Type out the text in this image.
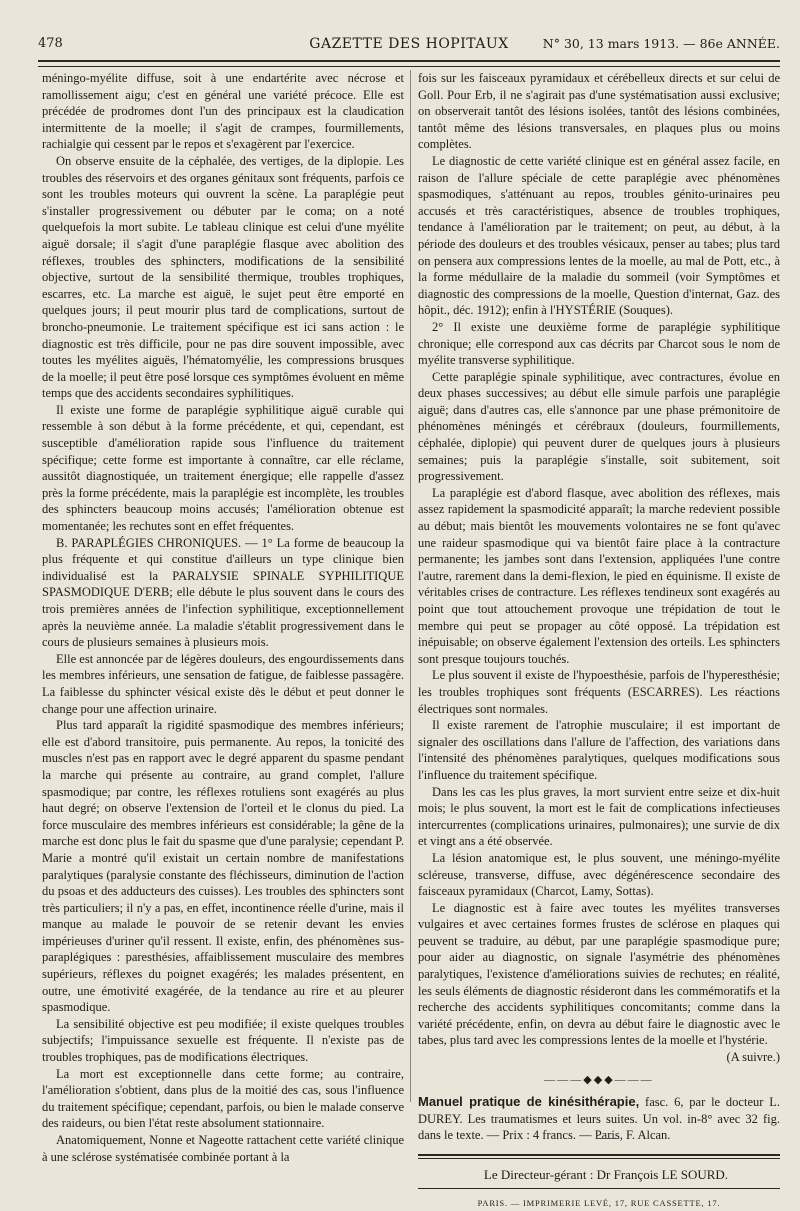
478	GAZETTE DES HOPITAUX	N° 30, 13 mars 1913. — 86e ANNÉE.

méningo-myélite diffuse, soit à une endartérite avec nécrose et ramollissement aigu; c'est en général une variété précoce. Elle est précédée de prodromes dont l'un des principaux est la claudication intermittente de la moelle; il s'agit de crampes, fourmillements, rachialgie qui cessent par le repos et s'exagèrent par l'exercice.

On observe ensuite de la céphalée, des vertiges, de la diplopie. Les troubles des réservoirs et des organes génitaux sont fréquents, parfois ce sont les troubles moteurs qui ouvrent la scène. La paraplégie peut s'installer progressivement ou débuter par le coma; on a noté quelquefois la mort subite. Le tableau clinique est celui d'une myélite aiguë dorsale; il s'agit d'une paraplégie flasque avec abolition des réflexes, troubles des sphincters, modifications de la sensibilité objective, surtout de la sensibilité thermique, troubles trophiques, escarres, etc. La marche est aiguë, le sujet peut être emporté en quelques jours; il peut mourir plus tard de complications, surtout de broncho-pneumonie. Le traitement spécifique est ici sans action : le diagnostic est très difficile, pour ne pas dire souvent impossible, avec toutes les myélites aiguës, l'hématomyélie, les compressions brusques de la moelle; il peut être posé lorsque ces symptômes évoluent en même temps que des accidents secondaires syphilitiques.

Il existe une forme de paraplégie syphilitique aiguë curable qui ressemble à son début à la forme précédente, et qui, cependant, est susceptible d'amélioration rapide sous l'influence du traitement spécifique; cette forme est importante à connaître, car elle réclame, aussitôt diagnostiquée, un traitement énergique; elle rappelle d'assez près la forme précédente, mais la paraplégie est incomplète, les troubles des sphincters beaucoup moins accusés; l'amélioration obtenue est momentanée; les rechutes sont en effet fréquentes.

B. PARAPLÉGIES CHRONIQUES. — 1° La forme de beaucoup la plus fréquente et qui constitue d'ailleurs un type clinique bien individualisé est la PARALYSIE SPINALE SYPHILITIQUE SPASMODIQUE D'ERB; elle débute le plus souvent dans le cours des trois premières années de l'infection syphilitique, exceptionnellement après la neuvième année. La maladie s'établit progressivement dans le cours de plusieurs semaines à plusieurs mois.

Elle est annoncée par de légères douleurs, des engourdissements dans les membres inférieurs, une sensation de fatigue, de faiblesse passagère. La faiblesse du sphincter vésical existe dès le début et peut donner le change pour une affection urinaire.

Plus tard apparaît la rigidité spasmodique des membres inférieurs; elle est d'abord transitoire, puis permanente. Au repos, la tonicité des muscles n'est pas en rapport avec le degré apparent du spasme pendant la marche qui présente au contraire, au grand complet, l'allure spasmodique; par contre, les réflexes rotuliens sont exagérés au plus haut degré; on observe l'extension de l'orteil et le clonus du pied. La force musculaire des membres inférieurs est considérable; la gêne de la marche est donc plus le fait du spasme que d'une paralysie; cependant P. Marie a montré qu'il existait un certain nombre de manifestations paralytiques (paralysie constante des fléchisseurs, diminution de l'action du psoas et des adducteurs des cuisses). Les troubles des sphincters sont très particuliers; il n'y a pas, en effet, incontinence réelle d'urine, mais il manque au malade le pouvoir de se retenir devant les envies impérieuses d'uriner qu'il ressent. Il existe, enfin, des phénomènes sus-paraplégiques : paresthésies, affaiblissement musculaire des membres supérieurs, réflexes du poignet exagérés; les malades présentent, en outre, une émotivité exagérée, de la tendance au rire et au pleurer spasmodique.

La sensibilité objective est peu modifiée; il existe quelques troubles subjectifs; l'impuissance sexuelle est fréquente. Il n'existe pas de troubles trophiques, pas de modifications électriques.

La mort est exceptionnelle dans cette forme; au contraire, l'amélioration s'obtient, dans plus de la moitié des cas, sous l'influence du traitement spécifique; cependant, parfois, ou bien le malade conserve des raideurs, ou bien l'état reste absolument stationnaire.

Anatomiquement, Nonne et Nageotte rattachent cette variété clinique à une sclérose systématisée combinée portant à la

fois sur les faisceaux pyramidaux et cérébelleux directs et sur celui de Goll. Pour Erb, il ne s'agirait pas d'une systématisation aussi exclusive; on observerait tantôt des lésions isolées, tantôt des lésions combinées, tantôt même des lésions transversales, en plaques plus ou moins complètes.

Le diagnostic de cette variété clinique est en général assez facile, en raison de l'allure spéciale de cette paraplégie avec phénomènes spasmodiques, s'atténuant au repos, troubles génito-urinaires peu accusés et très caractéristiques, absence de troubles trophiques, tendance à l'amélioration par le traitement; on peut, au début, à la période des douleurs et des troubles vésicaux, penser au tabes; plus tard on pensera aux compressions lentes de la moelle, au mal de Pott, etc., à la forme médullaire de la maladie du sommeil (voir Symptômes et diagnostic des compressions de la moelle, Question d'internat, Gaz. des hôpit., déc. 1912); enfin à l'HYSTÉRIE (Souques).

2° Il existe une deuxième forme de paraplégie syphilitique chronique; elle correspond aux cas décrits par Charcot sous le nom de myélite transverse syphilitique.

Cette paraplégie spinale syphilitique, avec contractures, évolue en deux phases successives; au début elle simule parfois une paraplégie aiguë; dans d'autres cas, elle s'annonce par une phase prémonitoire de phénomènes méningés et cérébraux (douleurs, fourmillements, céphalée, diplopie) qui peuvent durer de quelques jours à plusieurs semaines; puis la paraplégie s'installe, soit subitement, soit progressivement.

La paraplégie est d'abord flasque, avec abolition des réflexes, mais assez rapidement la spasmodicité apparaît; la marche redevient possible au début; mais bientôt les mouvements volontaires ne se font qu'avec une raideur spasmodique qui va bientôt faire place à la contracture permanente; les jambes sont dans l'extension, appliquées l'une contre l'autre, rarement dans la demi-flexion, le pied en équinisme. Il existe de véritables crises de contracture. Les réflexes tendineux sont exagérés au point que tout attouchement provoque une trépidation de tout le membre qui peut se propager au côté opposé. La trépidation est inépuisable; on observe également l'extension des orteils. Les sphincters sont presque toujours touchés.

Le plus souvent il existe de l'hypoesthésie, parfois de l'hyperesthésie; les troubles trophiques sont fréquents (ESCARRES). Les réactions électriques sont normales.

Il existe rarement de l'atrophie musculaire; il est important de signaler des oscillations dans l'allure de l'affection, des variations dans l'intensité des phénomènes paralytiques, quelques modifications sous l'influence du traitement spécifique.

Dans les cas les plus graves, la mort survient entre seize et dix-huit mois; le plus souvent, la mort est le fait de complications infectieuses intercurrentes (complications urinaires, pulmonaires); une survie de dix et vingt ans a été observée.

La lésion anatomique est, le plus souvent, une méningo-myélite scléreuse, transverse, diffuse, avec dégénérescence secondaire des faisceaux pyramidaux (Charcot, Lamy, Sottas).

Le diagnostic est à faire avec toutes les myélites transverses vulgaires et avec certaines formes frustes de sclérose en plaques qui peuvent se traduire, au début, par une paraplégie spasmodique pure; pour aider au diagnostic, on signale l'asymétrie des phénomènes paralytiques, l'existence d'améliorations suivies de rechutes; en réalité, les seuls éléments de diagnostic résideront dans les commémoratifs et la recherche des accidents syphilitiques concomitants; comme dans la variété précédente, enfin, on devra au début faire le diagnostic avec le tabes, plus tard avec les compressions lentes de la moelle et l'hystérie.

(A suivre.)

———◆◆◆———

Manuel pratique de kinésithérapie, fasc. 6, par le docteur L. DUREY. Les traumatismes et leurs suites. Un vol. in-8° avec 32 fig. dans le texte. — Prix : 4 francs. — Paris, F. Alcan.

Le Directeur-gérant : Dr François LE SOURD.

PARIS. — IMPRIMERIE LEVÉ, 17, RUE CASSETTE, 17.
